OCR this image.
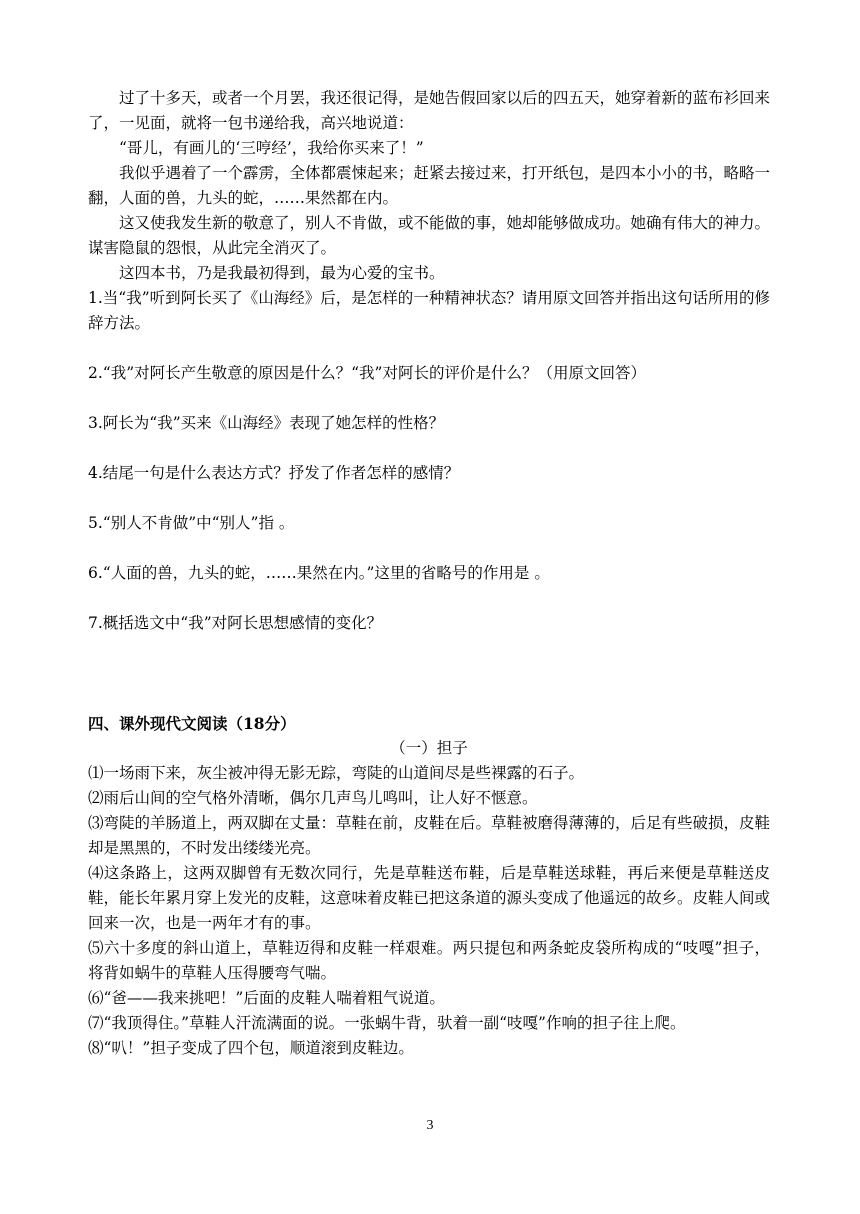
过了十多天，或者一个月罢，我还很记得，是她告假回家以后的四五天，她穿着新的蓝布衫回来了，一见面，就将一包书递给我，高兴地说道：

“哥儿，有画儿的‘三哼经’，我给你买来了！”

我似乎遇着了一个霹雳，全体都震悚起来；赶紧去接过来，打开纸包，是四本小小的书，略略一翻，人面的兽，九头的蛇，……果然都在内。

这又使我发生新的敬意了，别人不肯做，或不能做的事，她却能够做成功。她确有伟大的神力。谋害隐鼠的怨恨，从此完全消灭了。

这四本书，乃是我最初得到，最为心爱的宝书。

1.当“我”听到阿长买了《山海经》后，是怎样的一种精神状态？请用原文回答并指出这句话所用的修辞方法。

2.“我”对阿长产生敬意的原因是什么？“我”对阿长的评价是什么？（用原文回答）

3.阿长为“我”买来《山海经》表现了她怎样的性格？

4.结尾一句是什么表达方式？抒发了作者怎样的感情？

5.“别人不肯做”中“别人”指 。

6.“人面的兽，九头的蛇，……果然在内。”这里的省略号的作用是 。

7.概括选文中“我”对阿长思想感情的变化？

四、课外现代文阅读（18分）

（一）担子

⑴一场雨下来，灰尘被冲得无影无踪，弯陡的山道间尽是些裸露的石子。

⑵雨后山间的空气格外清晰，偶尔几声鸟儿鸣叫，让人好不惬意。

⑶弯陡的羊肠道上，两双脚在丈量：草鞋在前，皮鞋在后。草鞋被磨得薄薄的，后足有些破损，皮鞋却是黑黑的，不时发出缕缕光亮。

⑷这条路上，这两双脚曾有无数次同行，先是草鞋送布鞋，后是草鞋送球鞋，再后来便是草鞋送皮鞋，能长年累月穿上发光的皮鞋，这意味着皮鞋已把这条道的源头变成了他遥远的故乡。皮鞋人间或回来一次，也是一两年才有的事。

⑸六十多度的斜山道上，草鞋迈得和皮鞋一样艰难。两只提包和两条蛇皮袋所构成的“吱嘎”担子，将背如蜗牛的草鞋人压得腰弯气喘。

⑹“爸——我来挑吧！”后面的皮鞋人喘着粗气说道。

⑺“我顶得住。”草鞋人汗流满面的说。一张蜗牛背，驮着一副“吱嘎”作响的担子往上爬。

⑻“叭！”担子变成了四个包，顺道滚到皮鞋边。

3
